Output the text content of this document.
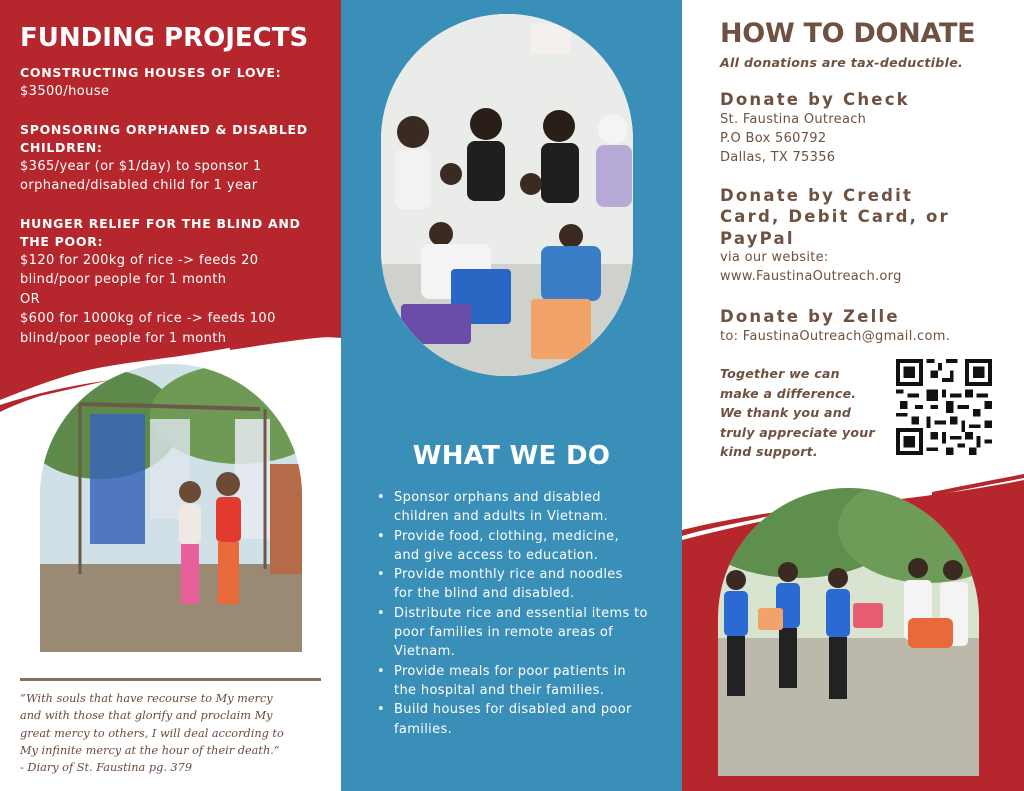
FUNDING PROJECTS
CONSTRUCTING HOUSES OF LOVE:
$3500/house
SPONSORING ORPHANED & DISABLED
CHILDREN:
$365/year (or $1/day) to sponsor 1
orphaned/disabled child for 1 year
HUNGER RELIEF FOR THE BLIND AND
THE POOR:
$120 for 200kg of rice -> feeds 20
blind/poor people for 1 month
OR
$600 for 1000kg of rice -> feeds 100
blind/poor people for 1 month
“With souls that have recourse to My mercy
and with those that glorify and proclaim My
great mercy to others, I will deal according to
My infinite mercy at the hour of their death.”
- Diary of St. Faustina pg. 379
WHAT WE DO
• Sponsor orphans and disabled
children and adults in Vietnam.
• Provide food, clothing, medicine,
and give access to education.
• Provide monthly rice and noodles
for the blind and disabled.
• Distribute rice and essential items to
poor families in remote areas of
Vietnam.
• Provide meals for poor patients in
the hospital and their families.
• Build houses for disabled and poor
families.
HOW TO DONATE
All donations are tax-deductible.
Donate by Check
St. Faustina Outreach
P.O Box 560792
Dallas, TX 75356
Donate by Credit
Card, Debit Card, or
PayPal
via our website:
www.FaustinaOutreach.org
Donate by Zelle
to: FaustinaOutreach@gmail.com.
Together we can
make a difference.
We thank you and
truly appreciate your
kind support.
